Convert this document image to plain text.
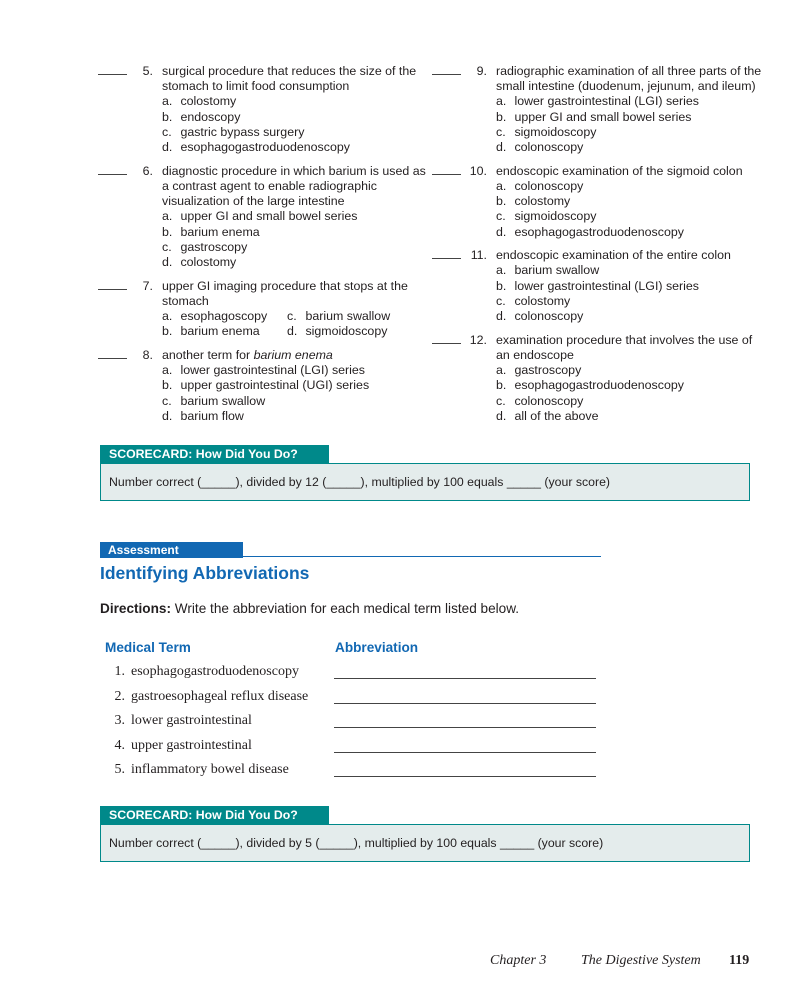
5. surgical procedure that reduces the size of the stomach to limit food consumption
a. colostomy
b. endoscopy
c. gastric bypass surgery
d. esophagogastroduodenoscopy
6. diagnostic procedure in which barium is used as a contrast agent to enable radiographic visualization of the large intestine
a. upper GI and small bowel series
b. barium enema
c. gastroscopy
d. colostomy
7. upper GI imaging procedure that stops at the stomach
a. esophagoscopy	c. barium swallow
b. barium enema	d. sigmoidoscopy
8. another term for barium enema
a. lower gastrointestinal (LGI) series
b. upper gastrointestinal (UGI) series
c. barium swallow
d. barium flow
9. radiographic examination of all three parts of the small intestine (duodenum, jejunum, and ileum)
a. lower gastrointestinal (LGI) series
b. upper GI and small bowel series
c. sigmoidoscopy
d. colonoscopy
10. endoscopic examination of the sigmoid colon
a. colonoscopy
b. colostomy
c. sigmoidoscopy
d. esophagogastroduodenoscopy
11. endoscopic examination of the entire colon
a. barium swallow
b. lower gastrointestinal (LGI) series
c. colostomy
d. colonoscopy
12. examination procedure that involves the use of an endoscope
a. gastroscopy
b. esophagogastroduodenoscopy
c. colonoscopy
d. all of the above
SCORECARD: How Did You Do?
Number correct (_____), divided by 12 (_____), multiplied by 100 equals _____ (your score)
Assessment
Identifying Abbreviations
Directions: Write the abbreviation for each medical term listed below.
Medical Term	Abbreviation
1. esophagogastroduodenoscopy
2. gastroesophageal reflux disease
3. lower gastrointestinal
4. upper gastrointestinal
5. inflammatory bowel disease
SCORECARD: How Did You Do?
Number correct (_____), divided by 5 (_____), multiplied by 100 equals _____ (your score)
Chapter 3 The Digestive System 119
